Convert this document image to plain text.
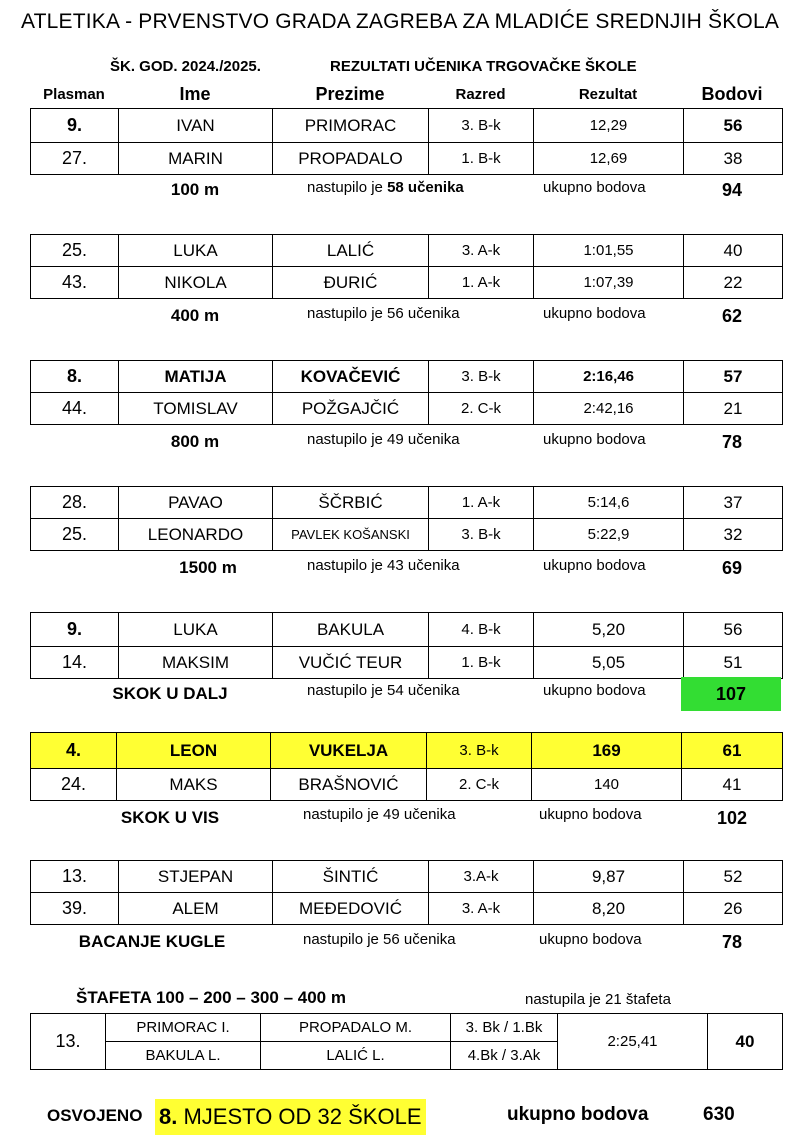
ATLETIKA - PRVENSTVO GRADA ZAGREBA ZA MLADIĆE SREDNJIH ŠKOLA
ŠK. GOD. 2024./2025.	REZULTATI UČENIKA TRGOVAČKE ŠKOLE
Plasman	Ime	Prezime	Razred	Rezultat	Bodovi
9.	IVAN	PRIMORAC	3. B-k	12,29	56
27.	MARIN	PROPADALO	1. B-k	12,69	38
100 m	nastupilo je 58 učenika	ukupno bodova	94
25.	LUKA	LALIĆ	3. A-k	1:01,55	40
43.	NIKOLA	ĐURIĆ	1. A-k	1:07,39	22
400 m	nastupilo je 56 učenika	ukupno bodova	62
8.	MATIJA	KOVAČEVIĆ	3. B-k	2:16,46	57
44.	TOMISLAV	POŽGAJČIĆ	2. C-k	2:42,16	21
800 m	nastupilo je 49 učenika	ukupno bodova	78
28.	PAVAO	ŠČRBIĆ	1. A-k	5:14,6	37
25.	LEONARDO	PAVLEK KOŠANSKI	3. B-k	5:22,9	32
1500 m	nastupilo je 43 učenika	ukupno bodova	69
9.	LUKA	BAKULA	4. B-k	5,20	56
14.	MAKSIM	VUČIĆ TEUR	1. B-k	5,05	51
SKOK U DALJ	nastupilo je 54 učenika	ukupno bodova	107
4.	LEON	VUKELJA	3. B-k	169	61
24.	MAKS	BRAŠNOVIĆ	2. C-k	140	41
SKOK U VIS	nastupilo je 49 učenika	ukupno bodova	102
13.	STJEPAN	ŠINTIĆ	3.A-k	9,87	52
39.	ALEM	MEĐEDOVIĆ	3. A-k	8,20	26
BACANJE KUGLE	nastupilo je 56 učenika	ukupno bodova	78
ŠTAFETA 100 – 200 – 300 – 400 m	nastupila je 21 štafeta
13.	PRIMORAC I.	PROPADALO M.	3. Bk / 1.Bk	2:25,41	40
	BAKULA L.	LALIĆ L.	4.Bk / 3.Ak		
OSVOJENO 8. MJESTO OD 32 ŠKOLE	ukupno bodova	630
